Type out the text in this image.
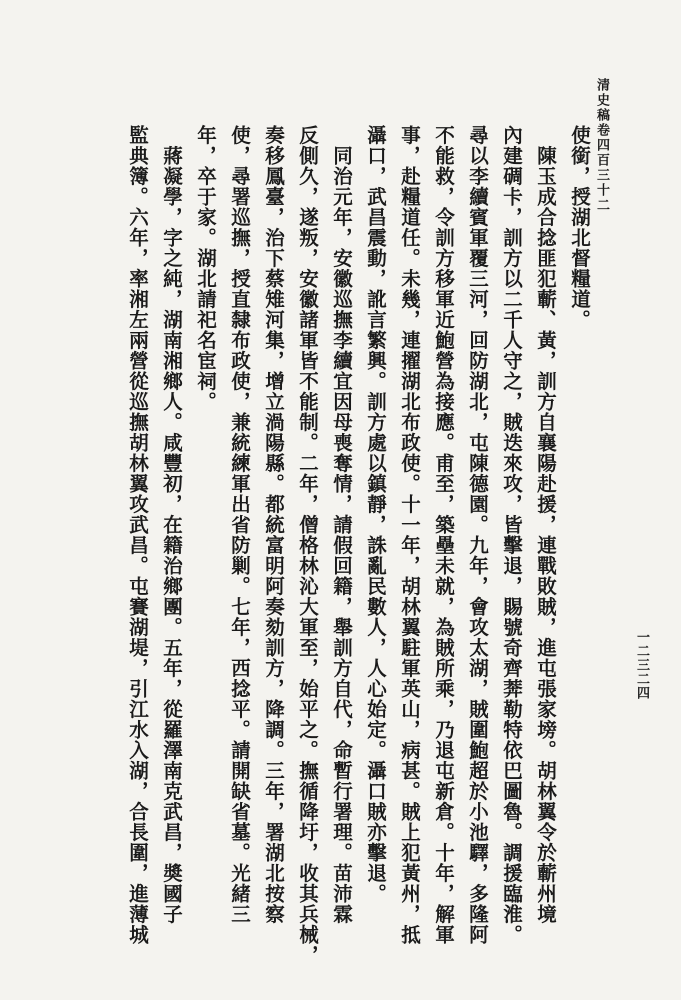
清史稿卷四百三十二
一二三二四
使銜，授湖北督糧道。
　陳玉成合捻匪犯蘄、黃，訓方自襄陽赴援，連戰敗賊，進屯張家塝。胡林翼令於蘄州境
內建碉卡，訓方以二千人守之，賊迭來攻，皆擊退，賜號奇齊莾勒特依巴圖魯。調援臨淮。
尋以李續賓軍覆三河，回防湖北，屯陳德園。九年，會攻太湖，賊圍鮑超於小池驛，多隆阿
不能救，令訓方移軍近鮑營為接應。甫至，築壘未就，為賊所乘，乃退屯新倉。十年，解軍
事，赴糧道任。未幾，連擢湖北布政使。十一年，胡林翼駐軍英山，病甚。賊上犯黃州，抵
灄口，武昌震動，訛言繁興。訓方處以鎮靜，誅亂民數人，人心始定。灄口賊亦擊退。
　同治元年，安徽巡撫李續宜因母喪奪情，請假回籍，舉訓方自代，命暫行署理。苗沛霖
反側久，遂叛，安徽諸軍皆不能制。二年，僧格林沁大軍至，始平之。撫循降圩，收其兵械，
奏移鳳臺，治下蔡雉河集，增立渦陽縣。都統富明阿奏劾訓方，降調。三年，署湖北按察
使，尋署巡撫，授直隸布政使，兼統練軍出省防剿。七年，西捻平。請開缺省墓。光緒三
年，卒于家。湖北請祀名宦祠。
　蔣凝學，字之純，湖南湘鄉人。咸豐初，在籍治鄉團。五年，從羅澤南克武昌，奬國子
監典簿。六年，率湘左兩營從巡撫胡林翼攻武昌。屯賽湖堤，引江水入湖，合長圍，進薄城
